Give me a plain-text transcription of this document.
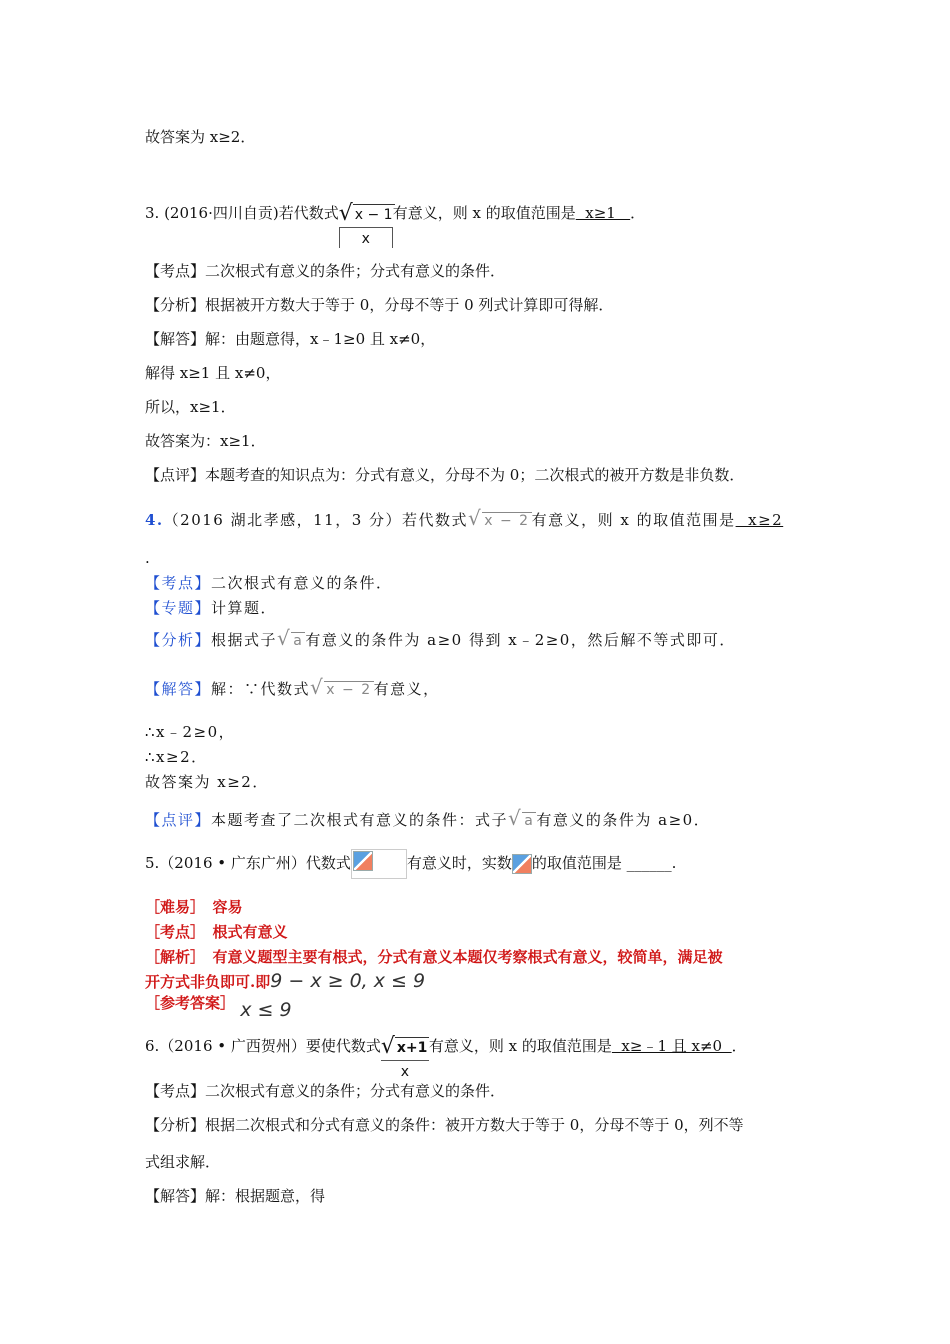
故答案为 x≥2．
3. (2016·四川自贡)若代数式 √ x − 1
x
有意义，则 x 的取值范围是  x≥1   ．
【考点】二次根式有意义的条件；分式有意义的条件．
【分析】根据被开方数大于等于 0，分母不等于 0 列式计算即可得解．
【解答】解：由题意得，x﹣1≥0 且 x≠0，
解得 x≥1 且 x≠0，
所以，x≥1．
故答案为：x≥1．
【点评】本题考查的知识点为：分式有意义，分母不为 0；二次根式的被开方数是非负数．
4.（2016 湖北孝感，11，3 分）若代数式√ x − 2 有意义，则 x 的取值范围是  x≥2
.
【考点】二次根式有意义的条件．
【专题】计算题．
【分析】根据式子√ a 有意义的条件为 a≥0 得到 x﹣2≥0，然后解不等式即可．
【解答】解：∵代数式√ x − 2 有意义，
∴x﹣2≥0，
∴x≥2．
故答案为 x≥2．
【点评】本题考查了二次根式有意义的条件：式子√ a 有意义的条件为 a≥0．
5.（2016 • 广东广州）代数式	有意义时，实数 的取值范围是 ______.
［难易］　容易
［考点］　根式有意义
［解析］　有意义题型主要有根式，分式有意义本题仅考察根式有意义，较简单，满足被
开方式非负即可.即9 − x ≥ 0, x ≤ 9
［参考答案］ x ≤ 9
6.（2016 • 广西贺州）要使代数式 √ x+1
x
有意义，则 x 的取值范围是  x≥﹣1 且 x≠0  ．
【考点】二次根式有意义的条件；分式有意义的条件．
【分析】根据二次根式和分式有意义的条件：被开方数大于等于 0，分母不等于 0，列不等
式组求解．
【解答】解：根据题意，得
